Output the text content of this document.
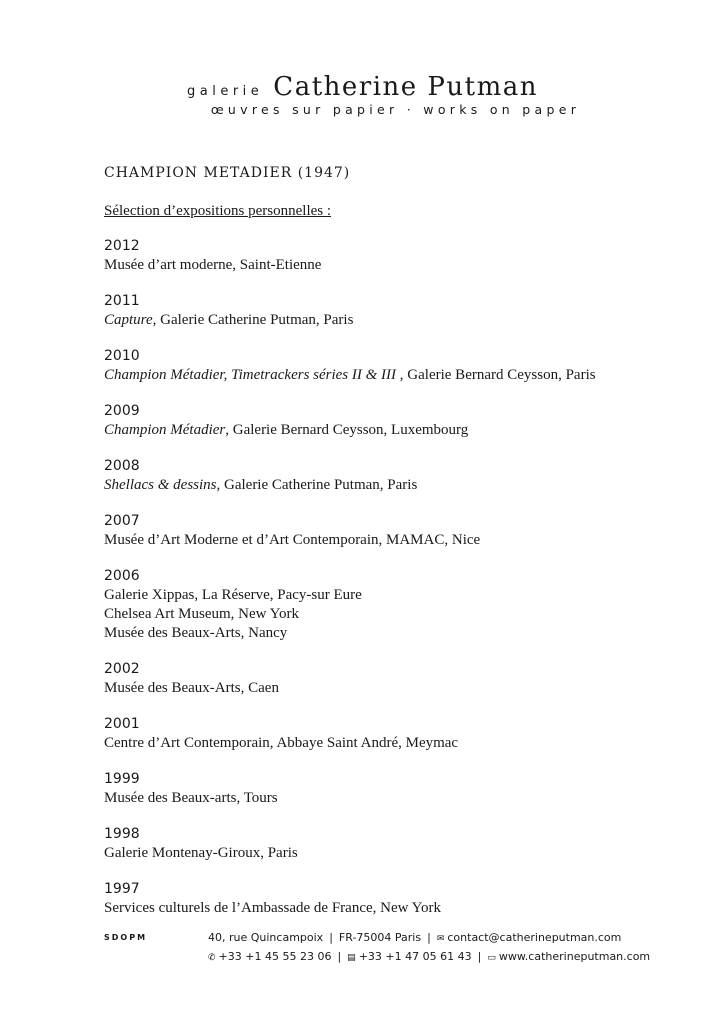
galerie Catherine Putman
œuvres sur papier · works on paper
CHAMPION METADIER (1947)
Sélection d’expositions personnelles :
2012
Musée d’art moderne, Saint-Etienne
2011
Capture, Galerie Catherine Putman, Paris
2010
Champion Métadier, Timetrackers séries II & III , Galerie Bernard Ceysson, Paris
2009
Champion Métadier, Galerie Bernard Ceysson, Luxembourg
2008
Shellacs & dessins, Galerie Catherine Putman, Paris
2007
Musée d’Art Moderne et d’Art Contemporain, MAMAC, Nice
2006
Galerie Xippas, La Réserve, Pacy-sur Eure
Chelsea Art Museum, New York
Musée des Beaux-Arts, Nancy
2002
Musée des Beaux-Arts, Caen
2001
Centre d’Art Contemporain, Abbaye Saint André, Meymac
1999
Musée des Beaux-arts, Tours
1998
Galerie Montenay-Giroux, Paris
1997
Services culturels de l’Ambassade de France, New York
SDOPM	40, rue Quincampoix | FR-75004 Paris | ✉ contact@catherineputman.com
✆ +33 +1 45 55 23 06 | ▤ +33 +1 47 05 61 43 | ▭ www.catherineputman.com
